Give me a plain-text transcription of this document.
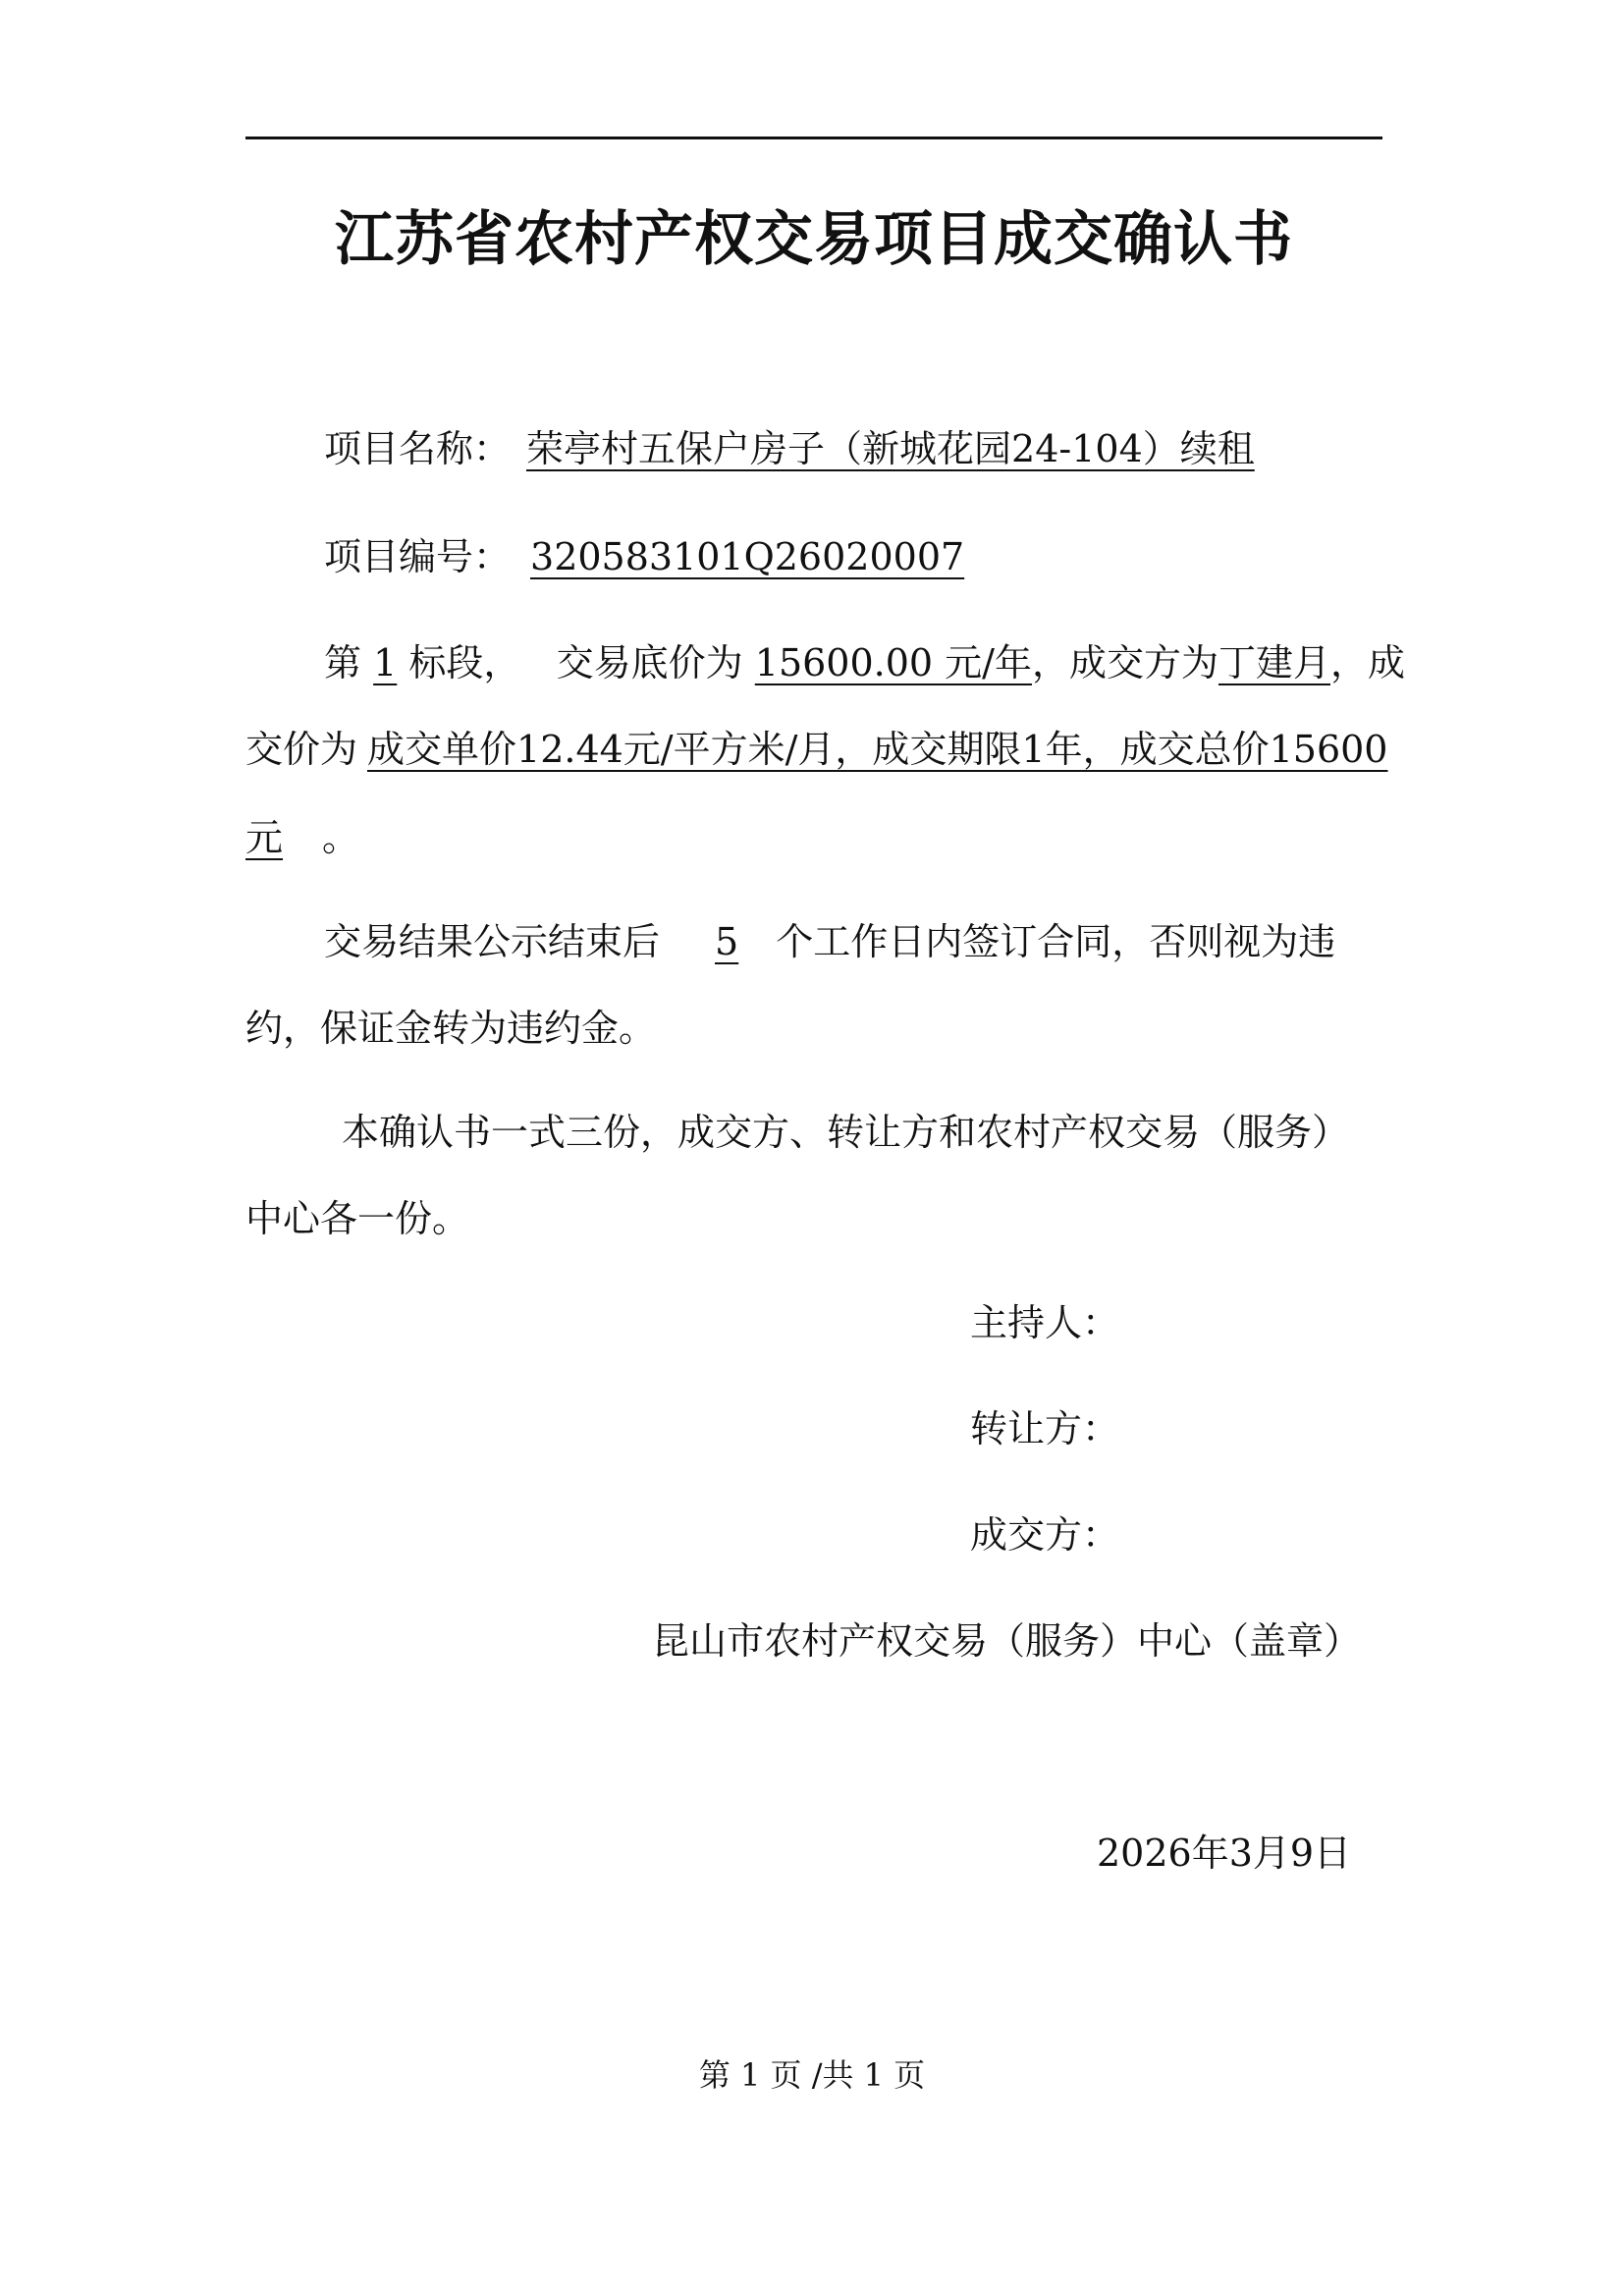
江苏省农村产权交易项目成交确认书
项目名称： 荣亭村五保户房子（新城花园24-104）续租
项目编号： 320583101Q26020007
第 1 标段， 交易底价为 15600.00 元/年，成交方为丁建月，成
交价为 成交单价12.44元/平方米/月，成交期限1年，成交总价15600
元 。
交易结果公示结束后 5 个工作日内签订合同，否则视为违
约，保证金转为违约金。
本确认书一式三份，成交方、转让方和农村产权交易（服务）
中心各一份。
主持人：
转让方：
成交方：
昆山市农村产权交易（服务）中心（盖章）
2026年3月9日
第 1 页 /共 1 页
